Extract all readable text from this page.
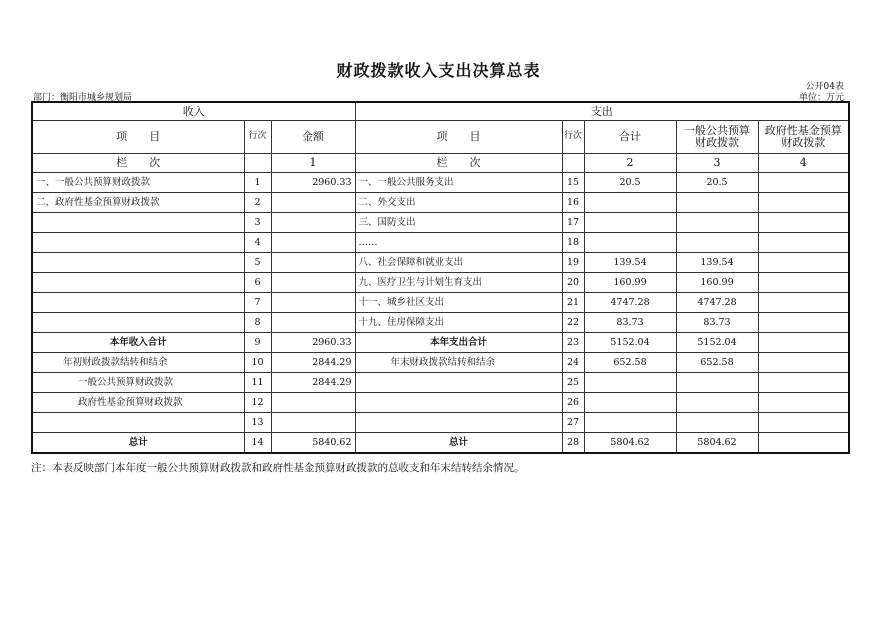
财政拨款收入支出决算总表
公开04表
部门：衡阳市城乡规划局	单位：万元
收入			支出				
项　　目	行次	金额	项　　目	行次	合计	一般公共预算财政拨款	政府性基金预算财政拨款
栏　　次		1	栏　　次		2	3	4
一、一般公共预算财政拨款	1	2960.33	一、一般公共服务支出	15	20.5	20.5	
二、政府性基金预算财政拨款	2		二、外交支出	16			
	3		三、国防支出	17			
	4		……	18			
	5		八、社会保障和就业支出	19	139.54	139.54	
	6		九、医疗卫生与计划生育支出	20	160.99	160.99	
	7		十一、城乡社区支出	21	4747.28	4747.28	
	8		十九、住房保障支出	22	83.73	83.73	
本年收入合计	9	2960.33	本年支出合计	23	5152.04	5152.04	
年初财政拨款结转和结余	10	2844.29	年末财政拨款结转和结余	24	652.58	652.58	
一般公共预算财政拨款	11	2844.29		25			
政府性基金预算财政拨款	12			26			
	13			27			
总计	14	5840.62	总计	28	5804.62	5804.62	
注：本表反映部门本年度一般公共预算财政拨款和政府性基金预算财政拨款的总收支和年末结转结余情况。
